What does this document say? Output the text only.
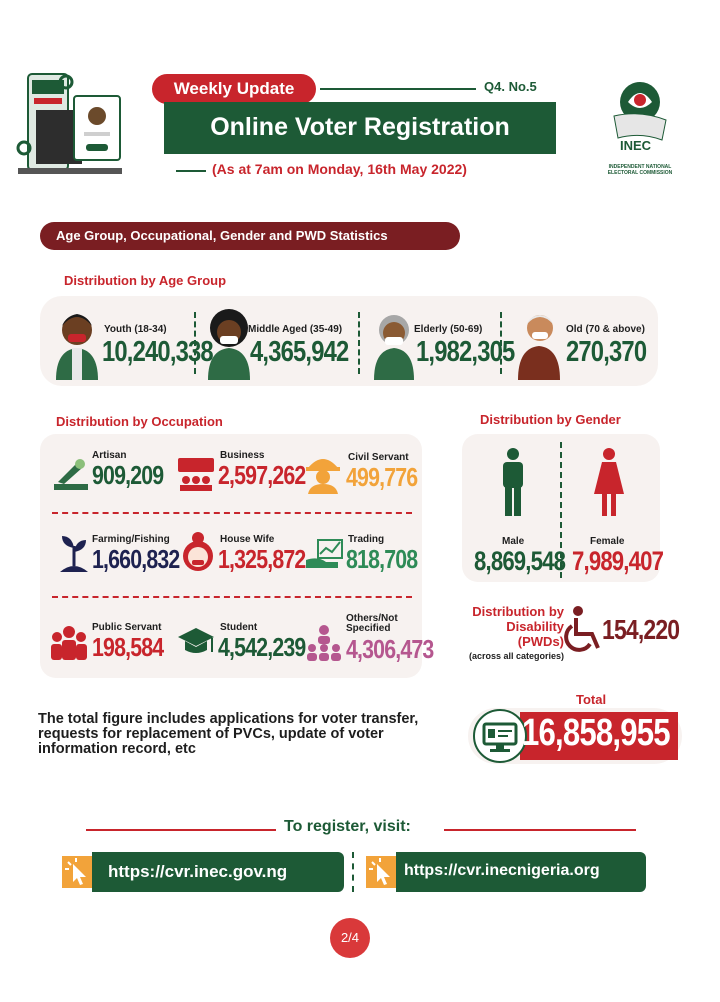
Weekly Update	Q4. No.5
Online Voter Registration
(As at 7am on Monday, 16th May 2022)
INEC
INDEPENDENT NATIONAL ELECTORAL COMMISSION
Age Group, Occupational, Gender and PWD Statistics
Distribution by Age Group
Youth (18-34)
10,240,338
Middle Aged (35-49)
4,365,942
Elderly (50-69)
1,982,305
Old (70 & above)
270,370
Distribution by Occupation
Artisan
909,209
Business
2,597,262
Civil Servant
499,776
Farming/Fishing
1,660,832
House Wife
1,325,872
Trading
818,708
Public Servant
198,584
Student
4,542,239
Others/Not Specified
4,306,473
Distribution by Gender
Male
8,869,548
Female
7,989,407
Distribution by Disability (PWDs)
(across all categories)
154,220
The total figure includes applications for voter transfer, requests for replacement of PVCs, update of voter information record, etc
Total
16,858,955
To register, visit:
https://cvr.inec.gov.ng	https://cvr.inecnigeria.org
2/4
